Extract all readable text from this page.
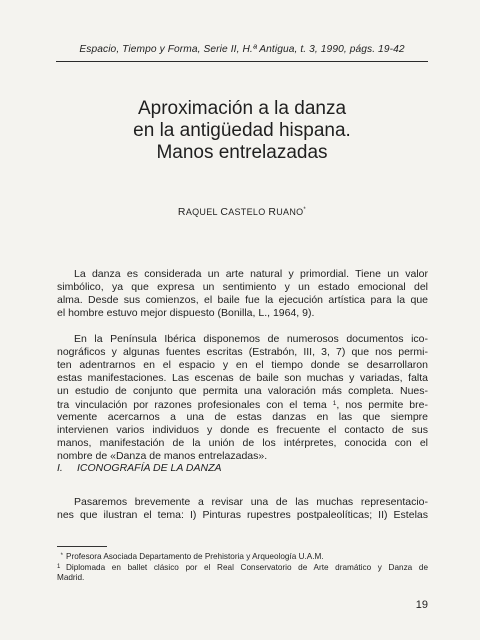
Espacio, Tiempo y Forma, Serie II, H.ª Antigua, t. 3, 1990, págs. 19-42
Aproximación a la danza
en la antigüedad hispana.
Manos entrelazadas
RAQUEL CASTELO RUANO*
La danza es considerada un arte natural y primordial. Tiene un valor
simbólico, ya que expresa un sentimiento y un estado emocional del
alma. Desde sus comienzos, el baile fue la ejecución artística para la que
el hombre estuvo mejor dispuesto (Bonilla, L., 1964, 9).
En la Península Ibérica disponemos de numerosos documentos ico-
nográficos y algunas fuentes escritas (Estrabón, III, 3, 7) que nos permi-
ten adentrarnos en el espacio y en el tiempo donde se desarrollaron
estas manifestaciones. Las escenas de baile son muchas y variadas, falta
un estudio de conjunto que permita una valoración más completa. Nues-
tra vinculación por razones profesionales con el tema $^1$, nos permite bre-
vemente acercarnos a una de estas danzas en las que siempre
intervienen varios individuos y donde es frecuente el contacto de sus
manos, manifestación de la unión de los intérpretes, conocida con el
nombre de «Danza de manos entrelazadas».
I. ICONOGRAFÍA DE LA DANZA
Pasaremos brevemente a revisar una de las muchas representacio-
nes que ilustran el tema: I) Pinturas rupestres postpaleolíticas; II) Estelas
* Profesora Asociada Departamento de Prehistoria y Arqueología U.A.M.
1 Diplomada en ballet clásico por el Real Conservatorio de Arte dramático y Danza de
Madrid.
19
